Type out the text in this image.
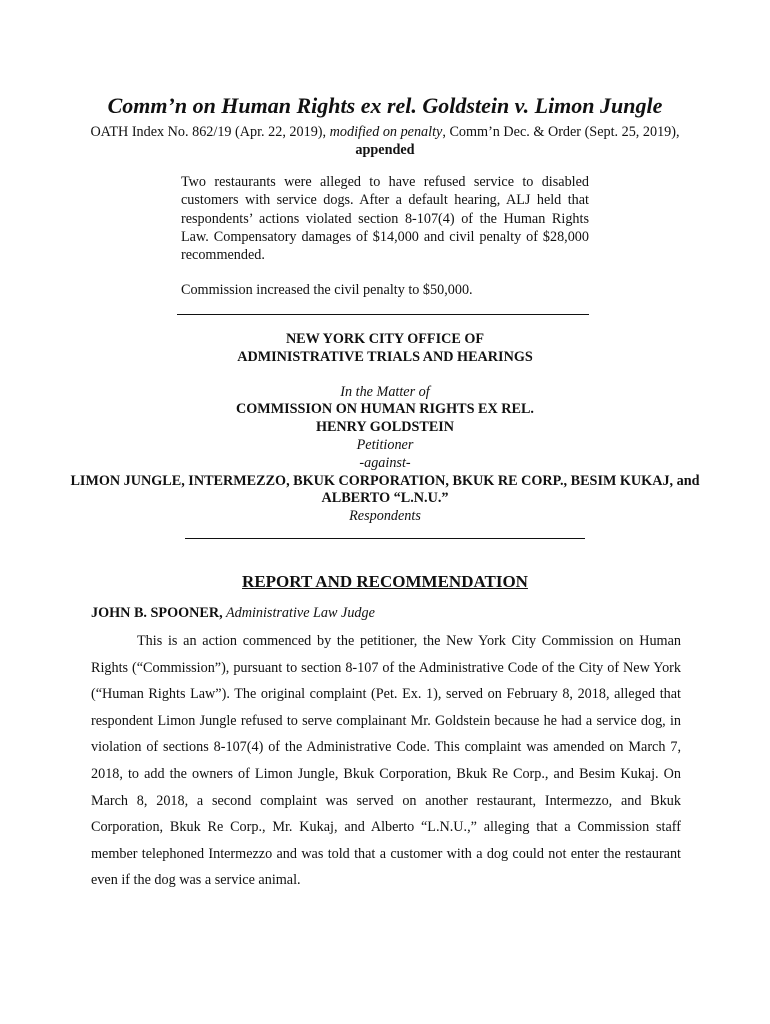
Comm’n on Human Rights ex rel. Goldstein v. Limon Jungle
OATH Index No. 862/19 (Apr. 22, 2019), modified on penalty, Comm’n Dec. & Order (Sept. 25, 2019), appended

Two restaurants were alleged to have refused service to disabled customers with service dogs. After a default hearing, ALJ held that respondents’ actions violated section 8-107(4) of the Human Rights Law. Compensatory damages of $14,000 and civil penalty of $28,000 recommended.

Commission increased the civil penalty to $50,000.

NEW YORK CITY OFFICE OF
ADMINISTRATIVE TRIALS AND HEARINGS
In the Matter of
COMMISSION ON HUMAN RIGHTS EX REL.
HENRY GOLDSTEIN
Petitioner
-against-
LIMON JUNGLE, INTERMEZZO, BKUK CORPORATION, BKUK RE CORP., BESIM KUKAJ, and ALBERTO “L.N.U.”
Respondents
REPORT AND RECOMMENDATION
JOHN B. SPOONER, Administrative Law Judge

This is an action commenced by the petitioner, the New York City Commission on Human Rights (“Commission”), pursuant to section 8-107 of the Administrative Code of the City of New York (“Human Rights Law”). The original complaint (Pet. Ex. 1), served on February 8, 2018, alleged that respondent Limon Jungle refused to serve complainant Mr. Goldstein because he had a service dog, in violation of sections 8-107(4) of the Administrative Code. This complaint was amended on March 7, 2018, to add the owners of Limon Jungle, Bkuk Corporation, Bkuk Re Corp., and Besim Kukaj. On March 8, 2018, a second complaint was served on another restaurant, Intermezzo, and Bkuk Corporation, Bkuk Re Corp., Mr. Kukaj, and Alberto “L.N.U.,” alleging that a Commission staff member telephoned Intermezzo and was told that a customer with a dog could not enter the restaurant even if the dog was a service animal.
